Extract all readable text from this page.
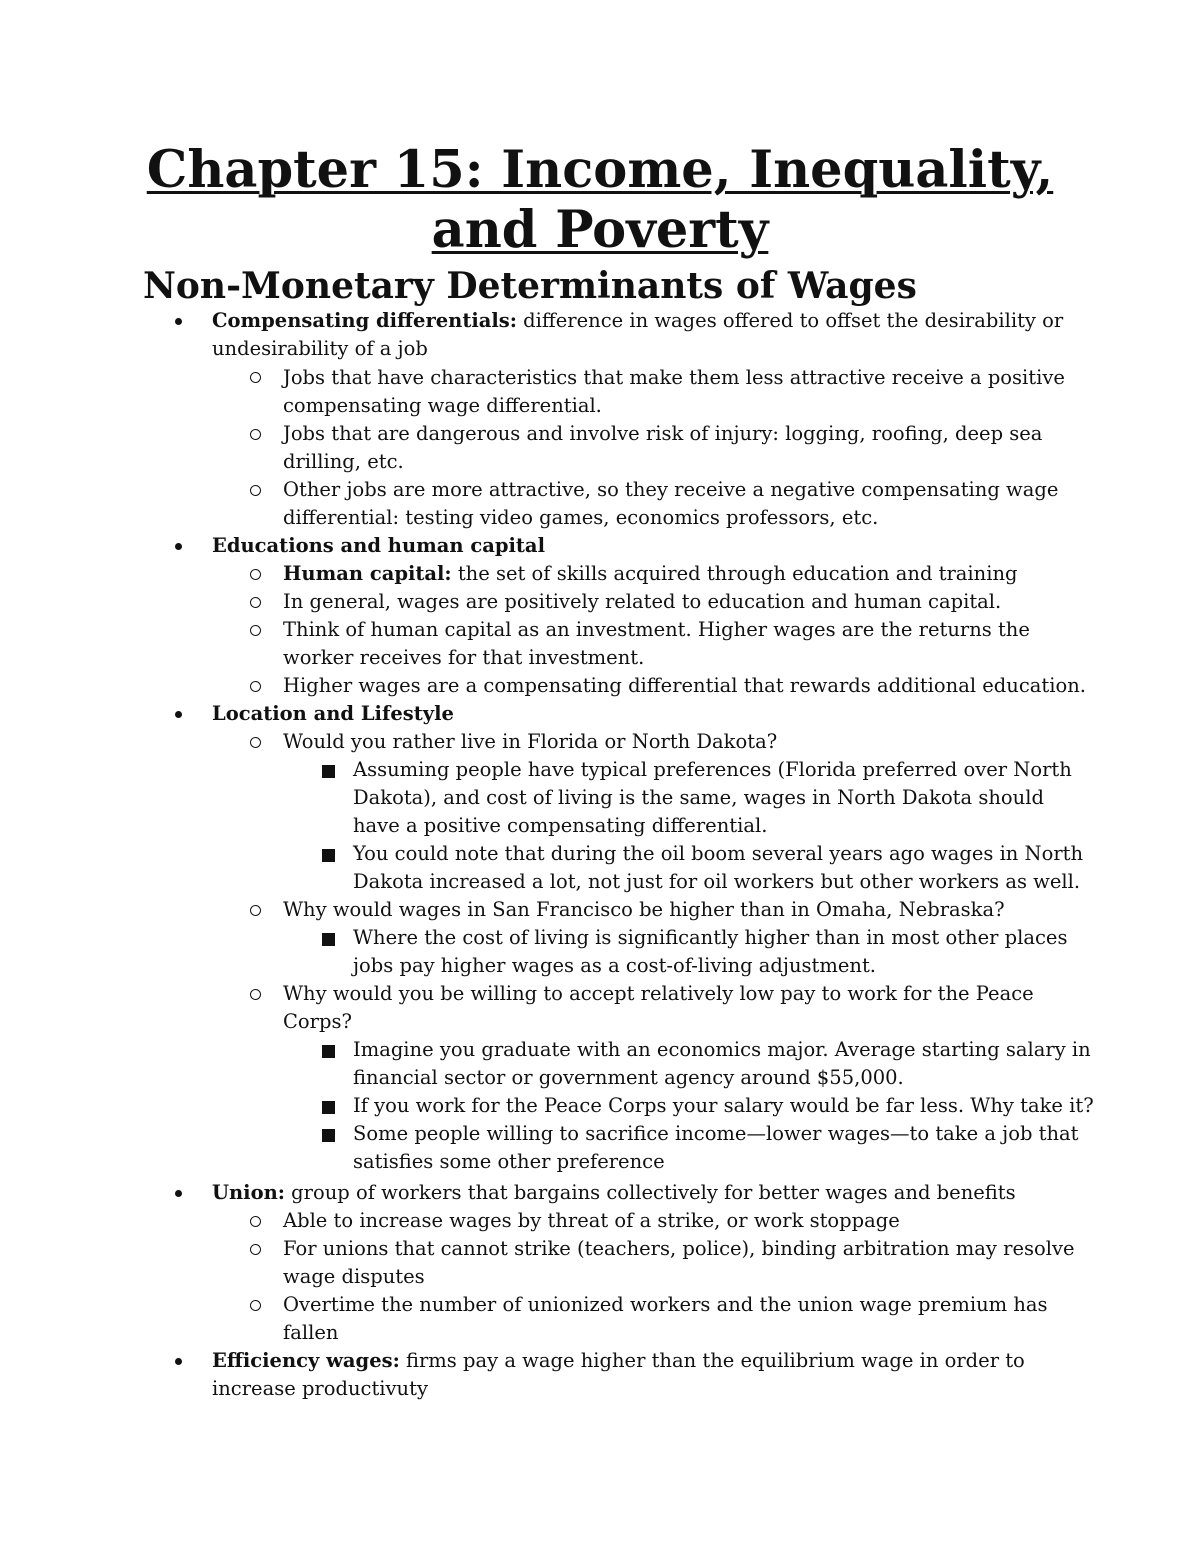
Chapter 15: Income, Inequality,
and Poverty
Non-Monetary Determinants of Wages
Compensating differentials: difference in wages offered to offset the desirability or
undesirability of a job
Jobs that have characteristics that make them less attractive receive a positive
compensating wage differential.
Jobs that are dangerous and involve risk of injury: logging, roofing, deep sea
drilling, etc.
Other jobs are more attractive, so they receive a negative compensating wage
differential: testing video games, economics professors, etc.
Educations and human capital
Human capital: the set of skills acquired through education and training
In general, wages are positively related to education and human capital.
Think of human capital as an investment. Higher wages are the returns the
worker receives for that investment.
Higher wages are a compensating differential that rewards additional education.
Location and Lifestyle
Would you rather live in Florida or North Dakota?
Assuming people have typical preferences (Florida preferred over North
Dakota), and cost of living is the same, wages in North Dakota should
have a positive compensating differential.
You could note that during the oil boom several years ago wages in North
Dakota increased a lot, not just for oil workers but other workers as well.
Why would wages in San Francisco be higher than in Omaha, Nebraska?
Where the cost of living is significantly higher than in most other places
jobs pay higher wages as a cost-of-living adjustment.
Why would you be willing to accept relatively low pay to work for the Peace
Corps?
Imagine you graduate with an economics major. Average starting salary in
financial sector or government agency around $55,000.
If you work for the Peace Corps your salary would be far less. Why take it?
Some people willing to sacrifice income—lower wages—to take a job that
satisfies some other preference
Union: group of workers that bargains collectively for better wages and benefits
Able to increase wages by threat of a strike, or work stoppage
For unions that cannot strike (teachers, police), binding arbitration may resolve
wage disputes
Overtime the number of unionized workers and the union wage premium has
fallen
Efficiency wages: firms pay a wage higher than the equilibrium wage in order to
increase productivuty
